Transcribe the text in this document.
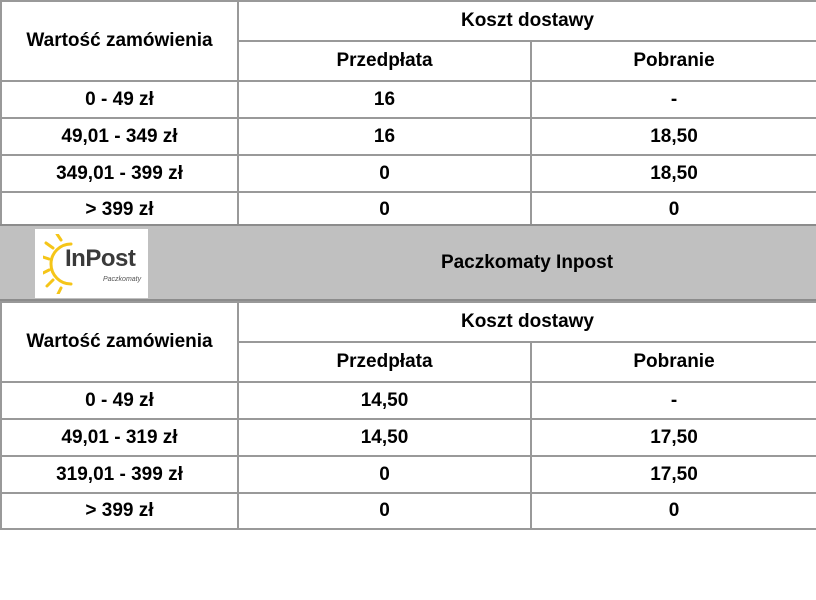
Wartość zamówienia	Koszt dostawy	
	Przedpłata	Pobranie
0 - 49 zł	16	-
49,01 - 349 zł	16	18,50
349,01 - 399 zł	0	18,50
> 399 zł	0	0
InPost
Paczkomaty
Paczkomaty Inpost
Wartość zamówienia	Koszt dostawy	
	Przedpłata	Pobranie
0 - 49 zł	14,50	-
49,01 - 319 zł	14,50	17,50
319,01 - 399 zł	0	17,50
> 399 zł	0	0
